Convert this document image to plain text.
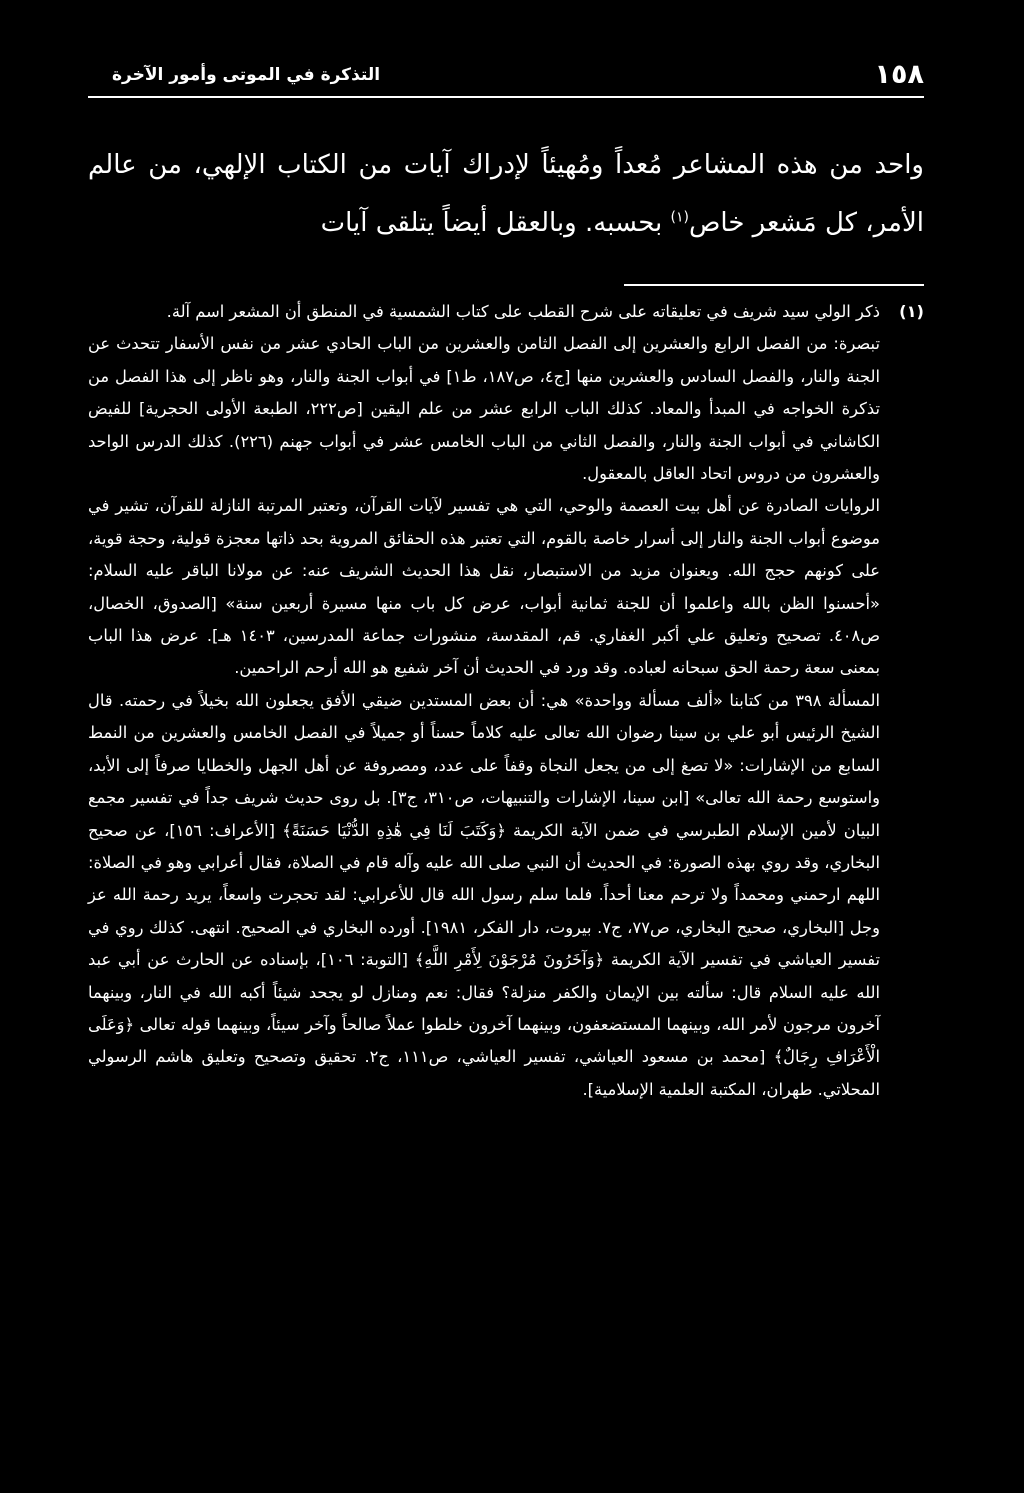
١٥٨
التذكرة في الموتى وأمور الآخرة
واحد من هذه المشاعر مُعداً ومُهيئاً لإدراك آيات من الكتاب الإلهي، من عالم الأمر، كل مَشعر خاص$^{(١)}$ بحسبه. وبالعقل أيضاً يتلقى آيات
(١)

ذكر الولي سيد شريف في تعليقاته على شرح القطب على كتاب الشمسية في المنطق أن المشعر اسم آلة.

تبصرة: من الفصل الرابع والعشرين إلى الفصل الثامن والعشرين من الباب الحادي عشر من نفس الأسفار تتحدث عن الجنة والنار، والفصل السادس والعشرين منها [ج٤، ص١٨٧، ط١] في أبواب الجنة والنار، وهو ناظر إلى هذا الفصل من تذكرة الخواجه في المبدأ والمعاد. كذلك الباب الرابع عشر من علم اليقين [ص٢٢٢، الطبعة الأولى الحجرية] للفيض الكاشاني في أبواب الجنة والنار، والفصل الثاني من الباب الخامس عشر في أبواب جهنم (٢٢٦). كذلك الدرس الواحد والعشرون من دروس اتحاد العاقل بالمعقول.

الروايات الصادرة عن أهل بيت العصمة والوحي، التي هي تفسير لآيات القرآن، وتعتبر المرتبة النازلة للقرآن، تشير في موضوع أبواب الجنة والنار إلى أسرار خاصة بالقوم، التي تعتبر هذه الحقائق المروية بحد ذاتها معجزة قولية، وحجة قوية، على كونهم حجج الله. ويعنوان مزيد من الاستبصار، نقل هذا الحديث الشريف عنه: عن مولانا الباقر عليه السلام: «أحسنوا الظن بالله واعلموا أن للجنة ثمانية أبواب، عرض كل باب منها مسيرة أربعين سنة» [الصدوق، الخصال، ص٤٠٨. تصحيح وتعليق علي أكبر الغفاري. قم، المقدسة، منشورات جماعة المدرسين، ١٤٠٣ هـ]. عرض هذا الباب بمعنى سعة رحمة الحق سبحانه لعباده. وقد ورد في الحديث أن آخر شفيع هو الله أرحم الراحمين.

المسألة ٣٩٨ من كتابنا «ألف مسألة وواحدة» هي: أن بعض المستدين ضيقي الأفق يجعلون الله بخيلاً في رحمته. قال الشيخ الرئيس أبو علي بن سينا رضوان الله تعالى عليه كلاماً حسناً أو جميلاً في الفصل الخامس والعشرين من النمط السابع من الإشارات: «لا تصغ إلى من يجعل النجاة وقفاً على عدد، ومصروفة عن أهل الجهل والخطايا صرفاً إلى الأبد، واستوسع رحمة الله تعالى» [ابن سينا، الإشارات والتنبيهات، ص٣١٠، ج٣]. بل روى حديث شريف جداً في تفسير مجمع البيان لأمين الإسلام الطبرسي في ضمن الآية الكريمة ﴿وَكَتَبَ لَنَا فِي هَٰذِهِ الدُّنْيَا حَسَنَةً﴾ [الأعراف: ١٥٦]، عن صحيح البخاري، وقد روي بهذه الصورة: في الحديث أن النبي صلى الله عليه وآله قام في الصلاة، فقال أعرابي وهو في الصلاة: اللهم ارحمني ومحمداً ولا ترحم معنا أحداً. فلما سلم رسول الله قال للأعرابي: لقد تحجرت واسعاً، يريد رحمة الله عز وجل [البخاري، صحيح البخاري، ص٧٧، ج٧. بيروت، دار الفكر، ١٩٨١]. أورده البخاري في الصحيح. انتهى. كذلك روي في تفسير العياشي في تفسير الآية الكريمة ﴿وَآخَرُونَ مُرْجَوْنَ لِأَمْرِ اللَّهِ﴾ [التوبة: ١٠٦]، بإسناده عن الحارث عن أبي عبد الله عليه السلام قال: سألته بين الإيمان والكفر منزلة؟ فقال: نعم ومنازل لو يجحد شيئاً أكبه الله في النار، وبينهما آخرون مرجون لأمر الله، وبينهما المستضعفون، وبينهما آخرون خلطوا عملاً صالحاً وآخر سيئاً، وبينهما قوله تعالى ﴿وَعَلَى الْأَعْرَافِ رِجَالٌ﴾ [محمد بن مسعود العياشي، تفسير العياشي، ص١١١، ج٢. تحقيق وتصحيح وتعليق هاشم الرسولي المحلاتي. طهران، المكتبة العلمية الإسلامية].
